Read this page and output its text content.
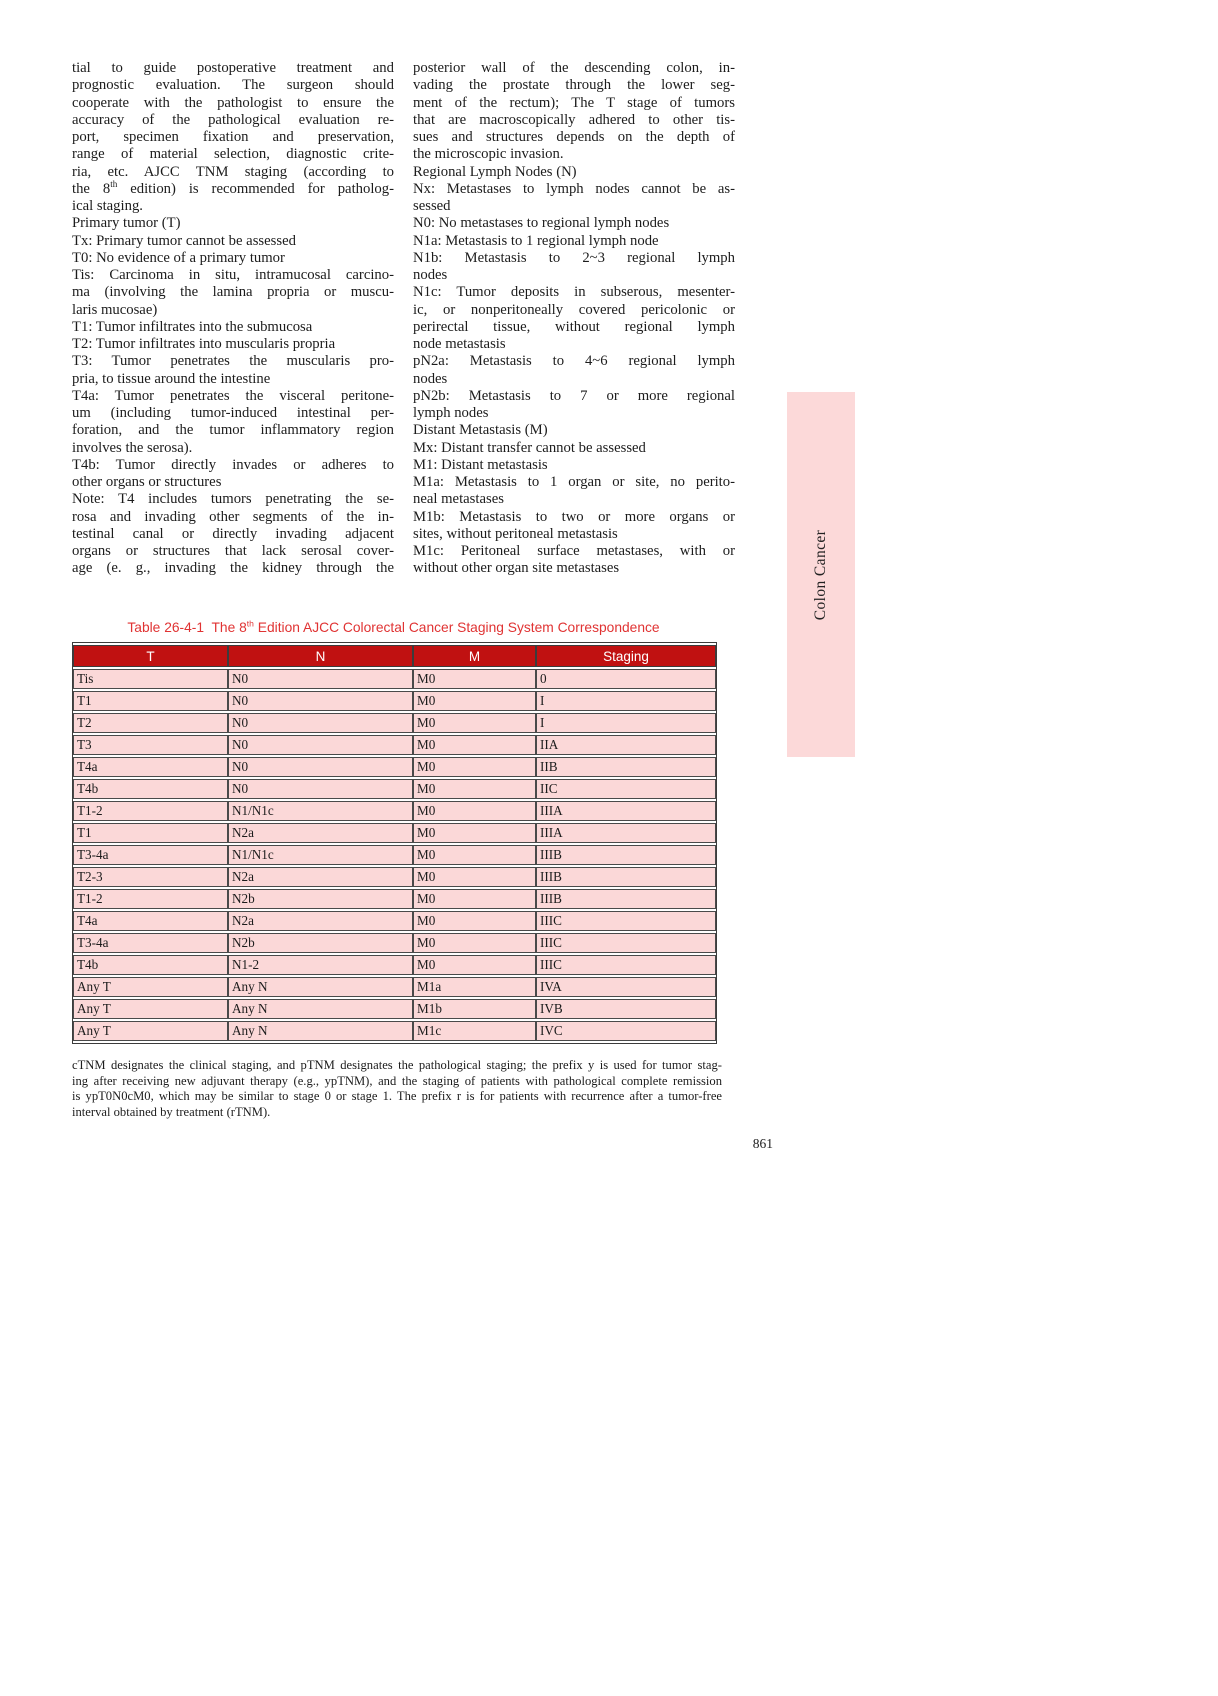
tial to guide postoperative treatment and
prognostic evaluation. The surgeon should
cooperate with the pathologist to ensure the
accuracy of the pathological evaluation re-
port, specimen fixation and preservation,
range of material selection, diagnostic crite-
ria, etc. AJCC TNM staging (according to
the 8th edition) is recommended for patholog-
ical staging.
Primary tumor (T)
Tx: Primary tumor cannot be assessed
T0: No evidence of a primary tumor
Tis: Carcinoma in situ, intramucosal carcino-
ma (involving the lamina propria or muscu-
laris mucosae)
T1: Tumor infiltrates into the submucosa
T2: Tumor infiltrates into muscularis propria
T3: Tumor penetrates the muscularis pro-
pria, to tissue around the intestine
T4a: Tumor penetrates the visceral peritone-
um (including tumor-induced intestinal per-
foration, and the tumor inflammatory region
involves the serosa).
T4b: Tumor directly invades or adheres to
other organs or structures
Note: T4 includes tumors penetrating the se-
rosa and invading other segments of the in-
testinal canal or directly invading adjacent
organs or structures that lack serosal cover-
age (e. g., invading the kidney through the
posterior wall of the descending colon, in-
vading the prostate through the lower seg-
ment of the rectum); The T stage of tumors
that are macroscopically adhered to other tis-
sues and structures depends on the depth of
the microscopic invasion.
Regional Lymph Nodes (N)
Nx: Metastases to lymph nodes cannot be as-
sessed
N0: No metastases to regional lymph nodes
N1a: Metastasis to 1 regional lymph node
N1b: Metastasis to 2~3 regional lymph
nodes
N1c: Tumor deposits in subserous, mesenter-
ic, or nonperitoneally covered pericolonic or
perirectal tissue, without regional lymph
node metastasis
pN2a: Metastasis to 4~6 regional lymph
nodes
pN2b: Metastasis to 7 or more regional
lymph nodes
Distant Metastasis (M)
Mx: Distant transfer cannot be assessed
M1: Distant metastasis
M1a: Metastasis to 1 organ or site, no perito-
neal metastases
M1b: Metastasis to two or more organs or
sites, without peritoneal metastasis
M1c: Peritoneal surface metastases, with or
without other organ site metastases
Table 26-4-1  The 8th Edition AJCC Colorectal Cancer Staging System Correspondence
T	N	M	Staging
Tis	N0	M0	0
T1	N0	M0	I
T2	N0	M0	I
T3	N0	M0	IIA
T4a	N0	M0	IIB
T4b	N0	M0	IIC
T1-2	N1/N1c	M0	IIIA
T1	N2a	M0	IIIA
T3-4a	N1/N1c	M0	IIIB
T2-3	N2a	M0	IIIB
T1-2	N2b	M0	IIIB
T4a	N2a	M0	IIIC
T3-4a	N2b	M0	IIIC
T4b	N1-2	M0	IIIC
Any T	Any N	M1a	IVA
Any T	Any N	M1b	IVB
Any T	Any N	M1c	IVC
cTNM designates the clinical staging, and pTNM designates the pathological staging; the prefix y is used for tumor stag-
ing after receiving new adjuvant therapy (e.g., ypTNM), and the staging of patients with pathological complete remission
is ypT0N0cM0, which may be similar to stage 0 or stage 1. The prefix r is for patients with recurrence after a tumor-free
interval obtained by treatment (rTNM).
861
Colon Cancer
